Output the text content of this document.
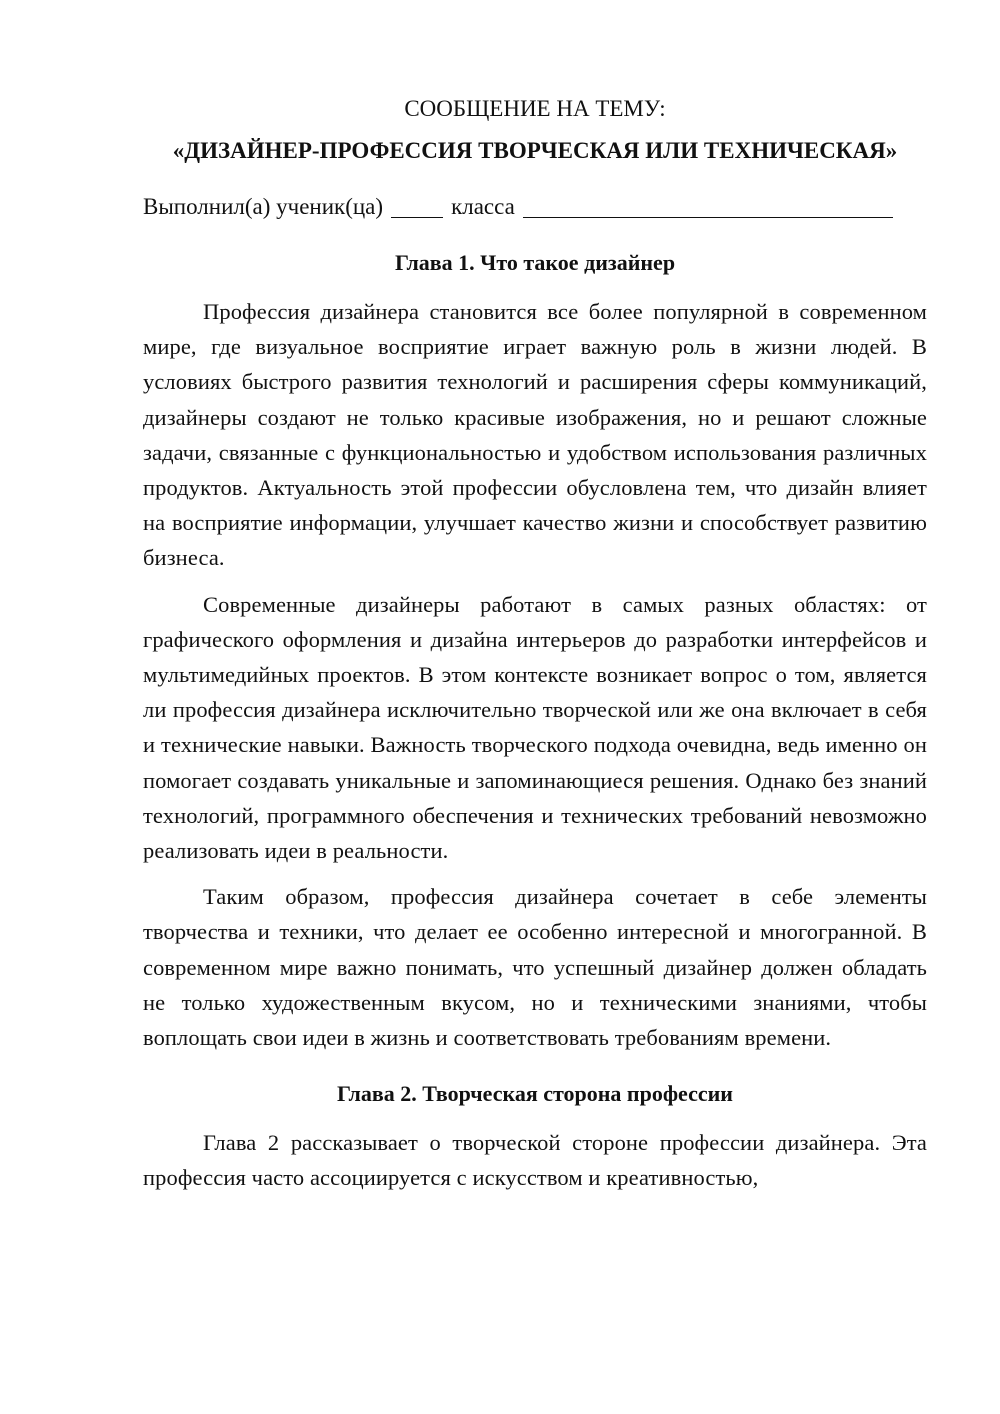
СООБЩЕНИЕ НА ТЕМУ:

«ДИЗАЙНЕР-ПРОФЕССИЯ ТВОРЧЕСКАЯ ИЛИ ТЕХНИЧЕСКАЯ»

Выполнил(а) ученик(ца)	класса
Глава 1. Что такое дизайнер

Профессия дизайнера становится все более популярной в современном мире, где визуальное восприятие играет важную роль в жизни людей. В условиях быстрого развития технологий и расширения сферы коммуникаций, дизайнеры создают не только красивые изображения, но и решают сложные задачи, связанные с функциональностью и удобством использования различных продуктов. Актуальность этой профессии обусловлена тем, что дизайн влияет на восприятие информации, улучшает качество жизни и способствует развитию бизнеса.

Современные дизайнеры работают в самых разных областях: от графического оформления и дизайна интерьеров до разработки интерфейсов и мультимедийных проектов. В этом контексте возникает вопрос о том, является ли профессия дизайнера исключительно творческой или же она включает в себя и технические навыки. Важность творческого подхода очевидна, ведь именно он помогает создавать уникальные и запоминающиеся решения. Однако без знаний технологий, программного обеспечения и технических требований невозможно реализовать идеи в реальности.

Таким образом, профессия дизайнера сочетает в себе элементы творчества и техники, что делает ее особенно интересной и многогранной. В современном мире важно понимать, что успешный дизайнер должен обладать не только художественным вкусом, но и техническими знаниями, чтобы воплощать свои идеи в жизнь и соответствовать требованиям времени.

Глава 2. Творческая сторона профессии

Глава 2 рассказывает о творческой стороне профессии дизайнера. Эта профессия часто ассоциируется с искусством и креативностью,
